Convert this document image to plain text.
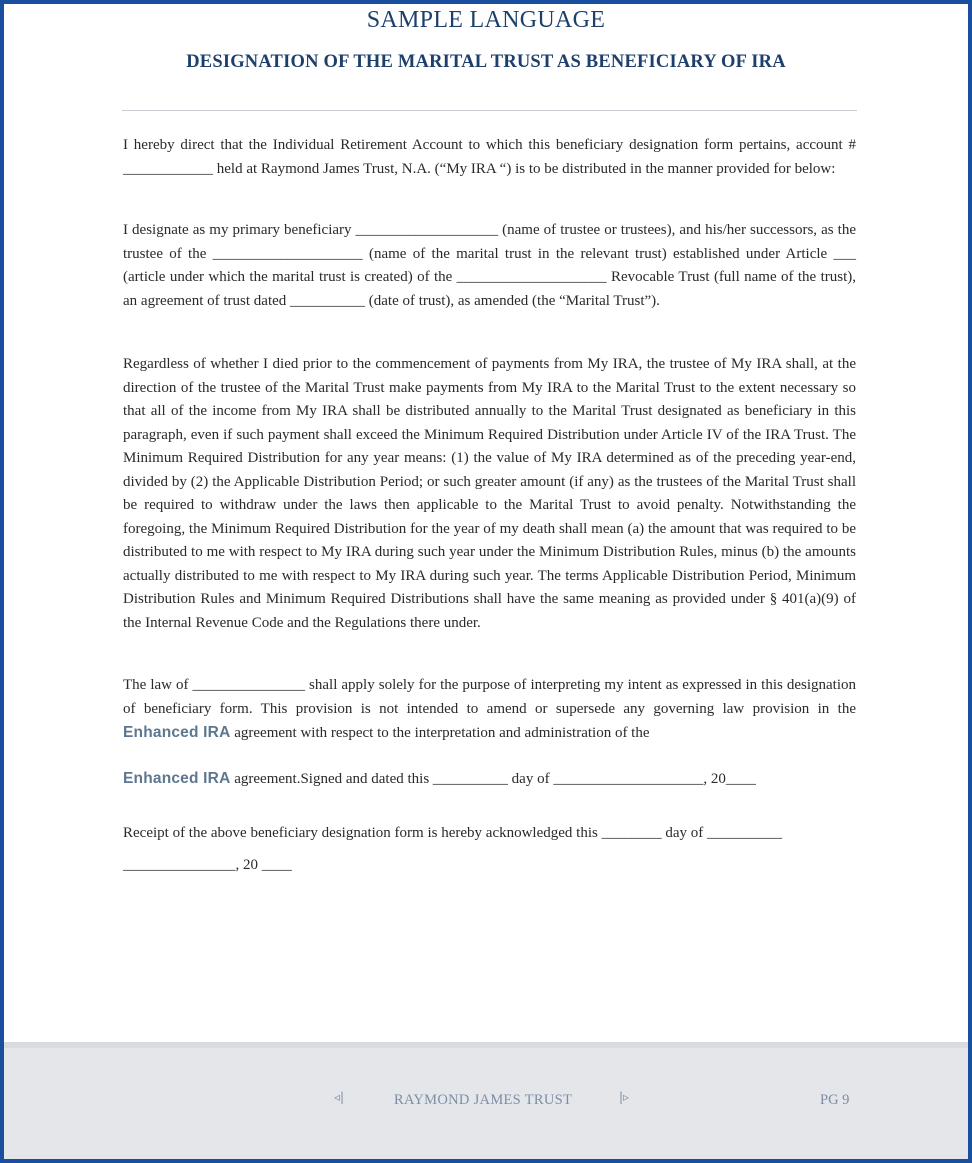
SAMPLE LANGUAGE
DESIGNATION OF THE MARITAL TRUST AS BENEFICIARY OF IRA

I hereby direct that the Individual Retirement Account to which this beneficiary designation form pertains, account # ____________ held at Raymond James Trust, N.A. (“My IRA “) is to be distributed in the manner provided for below:

I designate as my primary beneficiary ___________________ (name of trustee or trustees), and his/her successors, as the trustee of the ____________________ (name of the marital trust in the relevant trust) established under Article ___ (article under which the marital trust is created) of the ____________________ Revocable Trust (full name of the trust), an agreement of trust dated __________ (date of trust), as amended (the “Marital Trust”).

Regardless of whether I died prior to the commencement of payments from My IRA, the trustee of My IRA shall, at the direction of the trustee of the Marital Trust make payments from My IRA to the Marital Trust to the extent necessary so that all of the income from My IRA shall be distributed annually to the Marital Trust designated as beneficiary in this paragraph, even if such payment shall exceed the Minimum Required Distribution under Article IV of the IRA Trust. The Minimum Required Distribution for any year means: (1) the value of My IRA determined as of the preceding year-end, divided by (2) the Applicable Distribution Period; or such greater amount (if any) as the trustees of the Marital Trust shall be required to withdraw under the laws then applicable to the Marital Trust to avoid penalty. Notwithstanding the foregoing, the Minimum Required Distribution for the year of my death shall mean (a) the amount that was required to be distributed to me with respect to My IRA during such year under the Minimum Distribution Rules, minus (b) the amounts actually distributed to me with respect to My IRA during such year. The terms Applicable Distribution Period, Minimum Distribution Rules and Minimum Required Distributions shall have the same meaning as provided under § 401(a)(9) of the Internal Revenue Code and the Regulations there under.

The law of _______________ shall apply solely for the purpose of interpreting my intent as expressed in this designation of beneficiary form. This provision is not intended to amend or supersede any governing law provision in the Enhanced IRA agreement with respect to the interpretation and administration of the

Enhanced IRA agreement.Signed and dated this __________ day of ____________________, 20____

Receipt of the above beneficiary designation form is hereby acknowledged this ________ day of __________

_______________, 20 ____

◃|	RAYMOND JAMES TRUST	|▹	PG 9
